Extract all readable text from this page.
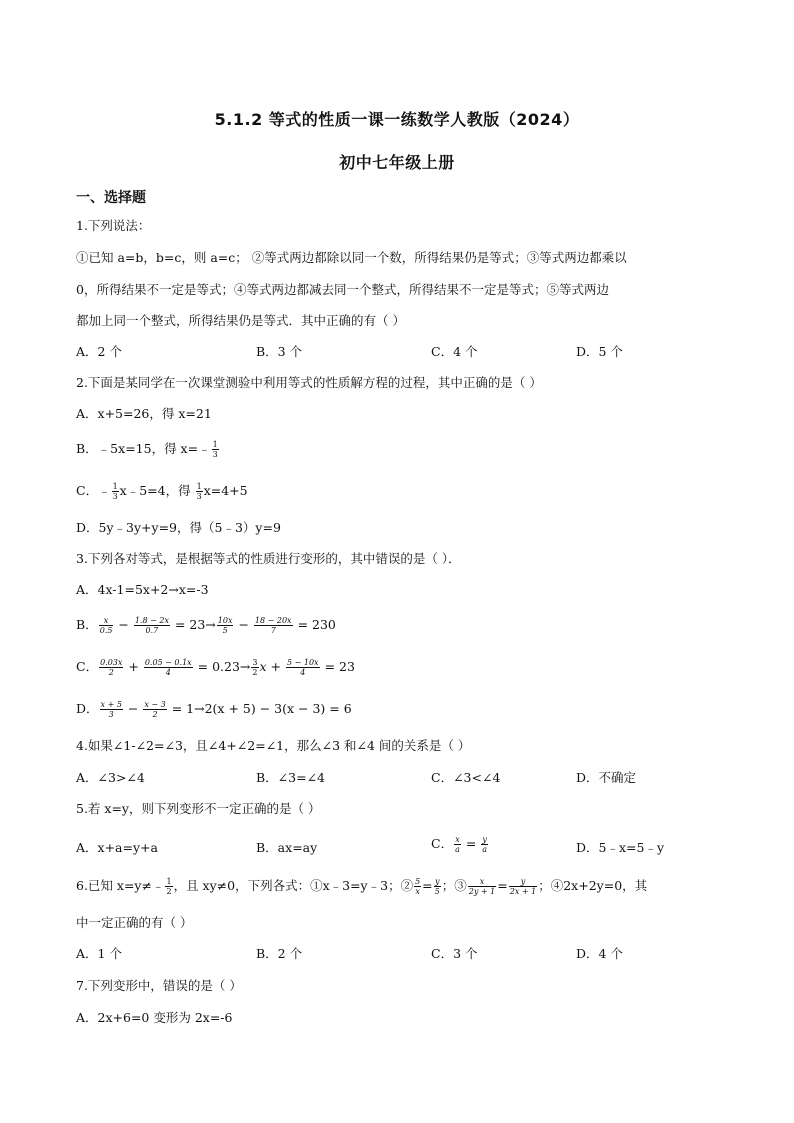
5.1.2 等式的性质一课一练数学人教版（2024）
初中七年级上册
一、选择题
1.下列说法：
①已知 a=b，b=c，则 a=c； ②等式两边都除以同一个数，所得结果仍是等式；③等式两边都乘以
0，所得结果不一定是等式；④等式两边都减去同一个整式，所得结果不一定是等式；⑤等式两边
都加上同一个整式，所得结果仍是等式．其中正确的有（ ）
A．2 个	B．3 个	C．4 个	D．5 个
2.下面是某同学在一次课堂测验中利用等式的性质解方程的过程，其中正确的是（ ）
A．x+5=26，得 x=21
B．﹣5x=15，得 x=﹣ $\frac{1}{3}$
C．﹣ $\frac{1}{3}$ x﹣5=4，得 $\frac{1}{3} x=4+5$
D．5y﹣3y+y=9，得（5﹣3）y=9
3.下列各对等式，是根据等式的性质进行变形的，其中错误的是（ ）．
A．4x-1=5x+2→x=-3
B． $\frac{x}{0.5} - \frac{1.8 - 2x}{0.7} = 23\to \frac{10x}{5} - \frac{18 - 20x}{7} = 230$
C． $\frac{0.03x}{2} + \frac{0.05 - 0.1x}{4} = 0.23\to \frac{3}{2}$ $x + \frac{5 - 10x}{4} = 23$
D． $\frac{x + 5}{3} - \frac{x - 3}{2} = 1\to 2(x + 5) - 3(x - 3) = 6$
4.如果∠1-∠2=∠3，且∠4+∠2=∠1，那么∠3 和∠4 间的关系是（ ）
A．∠3>∠4	B．∠3=∠4	C．∠3<∠4	D．不确定
5.若 x=y，则下列变形不一定正确的是（ ）
A．x+a=y+a	B．ax=ay	C． $\frac{x}{a} = \frac{y}{a}$	D．5﹣x=5﹣y
6.已知 x=y≠﹣ $\frac{1}{2}$ ，且 xy≠0，下列各式：①x﹣3=y﹣3；② $\frac{5}{x} = \frac{y}{5}$ ；③ $\frac{x}{2y + 1} = \frac{y}{2x + 1}$ ；④2x+2y=0，其
中一定正确的有（ ）
A．1 个	B．2 个	C．3 个	D．4 个
7.下列变形中，错误的是（ ）
A．2x+6=0 变形为 2x=-6
